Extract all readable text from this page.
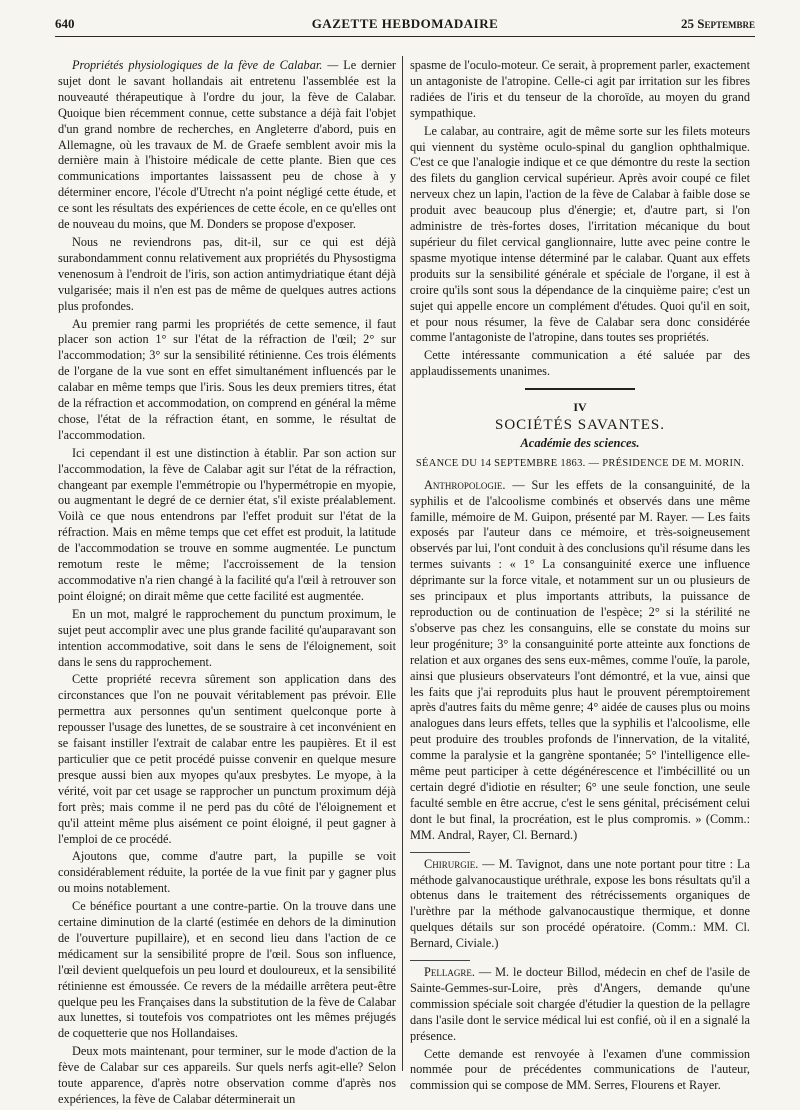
640	GAZETTE HEBDOMADAIRE	25 Septembre

Propriétés physiologiques de la fève de Calabar. — Le dernier sujet dont le savant hollandais ait entretenu l'assemblée est la nouveauté thérapeutique à l'ordre du jour, la fève de Calabar. Quoique bien récemment connue, cette substance a déjà fait l'objet d'un grand nombre de recherches, en Angleterre d'abord, puis en Allemagne, où les travaux de M. de Graefe semblent avoir mis la dernière main à l'histoire médicale de cette plante. Bien que ces communications importantes laissassent peu de chose à y déterminer encore, l'école d'Utrecht n'a point négligé cette étude, et ce sont les résultats des expériences de cette école, en ce qu'elles ont de nouveau du moins, que M. Donders se propose d'exposer.

Nous ne reviendrons pas, dit-il, sur ce qui est déjà surabondamment connu relativement aux propriétés du Physostigma venenosum à l'endroit de l'iris, son action antimydriatique étant déjà vulgarisée; mais il n'en est pas de même de quelques autres actions plus profondes.

Au premier rang parmi les propriétés de cette semence, il faut placer son action 1° sur l'état de la réfraction de l'œil; 2° sur l'accommodation; 3° sur la sensibilité rétinienne. Ces trois éléments de l'organe de la vue sont en effet simultanément influencés par le calabar en même temps que l'iris. Sous les deux premiers titres, état de la réfraction et accommodation, on comprend en général la même chose, l'état de la réfraction étant, en somme, le résultat de l'accommodation.

Ici cependant il est une distinction à établir. Par son action sur l'accommodation, la fève de Calabar agit sur l'état de la réfraction, changeant par exemple l'emmétropie ou l'hypermétropie en myopie, ou augmentant le degré de ce dernier état, s'il existe préalablement. Voilà ce que nous entendrons par l'effet produit sur l'état de la réfraction. Mais en même temps que cet effet est produit, la latitude de l'accommodation se trouve en somme augmentée. Le punctum remotum reste le même; l'accroissement de la tension accommodative n'a rien changé à la facilité qu'a l'œil à retrouver son point éloigné; on dirait même que cette facilité est augmentée.

En un mot, malgré le rapprochement du punctum proximum, le sujet peut accomplir avec une plus grande facilité qu'auparavant son intention accommodative, soit dans le sens de l'éloignement, soit dans le sens du rapprochement.

Cette propriété recevra sûrement son application dans des circonstances que l'on ne pouvait véritablement pas prévoir. Elle permettra aux personnes qu'un sentiment quelconque porte à repousser l'usage des lunettes, de se soustraire à cet inconvénient en se faisant instiller l'extrait de calabar entre les paupières. Et il est particulier que ce petit procédé puisse convenir en quelque mesure presque aussi bien aux myopes qu'aux presbytes. Le myope, à la vérité, voit par cet usage se rapprocher un punctum proximum déjà fort près; mais comme il ne perd pas du côté de l'éloignement et qu'il atteint même plus aisément ce point éloigné, il peut gagner à l'emploi de ce procédé.

Ajoutons que, comme d'autre part, la pupille se voit considérablement réduite, la portée de la vue finit par y gagner plus ou moins notablement.

Ce bénéfice pourtant a une contre-partie. On la trouve dans une certaine diminution de la clarté (estimée en dehors de la diminution de l'ouverture pupillaire), et en second lieu dans l'action de ce médicament sur la sensibilité propre de l'œil. Sous son influence, l'œil devient quelquefois un peu lourd et douloureux, et la sensibilité rétinienne est émoussée. Ce revers de la médaille arrêtera peut-être quelque peu les Françaises dans la substitution de la fève de Calabar aux lunettes, si toutefois vos compatriotes ont les mêmes préjugés de coquetterie que nos Hollandaises.

Deux mots maintenant, pour terminer, sur le mode d'action de la fève de Calabar sur ces appareils. Sur quels nerfs agit-elle? Selon toute apparence, d'après notre observation comme d'après nos expériences, la fève de Calabar déterminerait un

spasme de l'oculo-moteur. Ce serait, à proprement parler, exactement un antagoniste de l'atropine. Celle-ci agit par irritation sur les fibres radiées de l'iris et du tenseur de la choroïde, au moyen du grand sympathique.

Le calabar, au contraire, agit de même sorte sur les filets moteurs qui viennent du système oculo-spinal du ganglion ophthalmique. C'est ce que l'analogie indique et ce que démontre du reste la section des filets du ganglion cervical supérieur. Après avoir coupé ce filet nerveux chez un lapin, l'action de la fève de Calabar à faible dose se produit avec beaucoup plus d'énergie; et, d'autre part, si l'on administre de très-fortes doses, l'irritation mécanique du bout supérieur du filet cervical ganglionnaire, lutte avec peine contre le spasme myotique intense déterminé par le calabar. Quant aux effets produits sur la sensibilité générale et spéciale de l'organe, il est à croire qu'ils sont sous la dépendance de la cinquième paire; c'est un sujet qui appelle encore un complément d'études. Quoi qu'il en soit, et pour nous résumer, la fève de Calabar sera donc considérée comme l'antagoniste de l'atropine, dans toutes ses propriétés.

Cette intéressante communication a été saluée par des applaudissements unanimes.

IV
SOCIÉTÉS SAVANTES.
Académie des sciences.
SÉANCE DU 14 SEPTEMBRE 1863. — PRÉSIDENCE DE M. MORIN.

Anthropologie. — Sur les effets de la consanguinité, de la syphilis et de l'alcoolisme combinés et observés dans une même famille, mémoire de M. Guipon, présenté par M. Rayer. — Les faits exposés par l'auteur dans ce mémoire, et très-soigneusement observés par lui, l'ont conduit à des conclusions qu'il résume dans les termes suivants : « 1° La consanguinité exerce une influence déprimante sur la force vitale, et notamment sur un ou plusieurs de ses principaux et plus importants attributs, la puissance de reproduction ou de continuation de l'espèce; 2° si la stérilité ne s'observe pas chez les consanguins, elle se constate du moins sur leur progéniture; 3° la consanguinité porte atteinte aux fonctions de relation et aux organes des sens eux-mêmes, comme l'ouïe, la parole, ainsi que plusieurs observateurs l'ont démontré, et la vue, ainsi que les faits que j'ai reproduits plus haut le prouvent péremptoirement après d'autres faits du même genre; 4° aidée de causes plus ou moins analogues dans leurs effets, telles que la syphilis et l'alcoolisme, elle peut produire des troubles profonds de l'innervation, de la vitalité, comme la paralysie et la gangrène spontanée; 5° l'intelligence elle-même peut participer à cette dégénérescence et l'imbécillité ou un certain degré d'idiotie en résulter; 6° une seule fonction, une seule faculté semble en être accrue, c'est le sens génital, précisément celui dont le but final, la procréation, est le plus compromis. » (Comm.: MM. Andral, Rayer, Cl. Bernard.)

Chirurgie. — M. Tavignot, dans une note portant pour titre : La méthode galvanocaustique uréthrale, expose les bons résultats qu'il a obtenus dans le traitement des rétrécissements organiques de l'urèthre par la méthode galvanocaustique thermique, et donne quelques détails sur son procédé opératoire. (Comm.: MM. Cl. Bernard, Civiale.)

Pellagre. — M. le docteur Billod, médecin en chef de l'asile de Sainte-Gemmes-sur-Loire, près d'Angers, demande qu'une commission spéciale soit chargée d'étudier la question de la pellagre dans l'asile dont le service médical lui est confié, où il en a signalé la présence.

Cette demande est renvoyée à l'examen d'une commission nommée pour de précédentes communications de l'auteur, commission qui se compose de MM. Serres, Flourens et Rayer.
